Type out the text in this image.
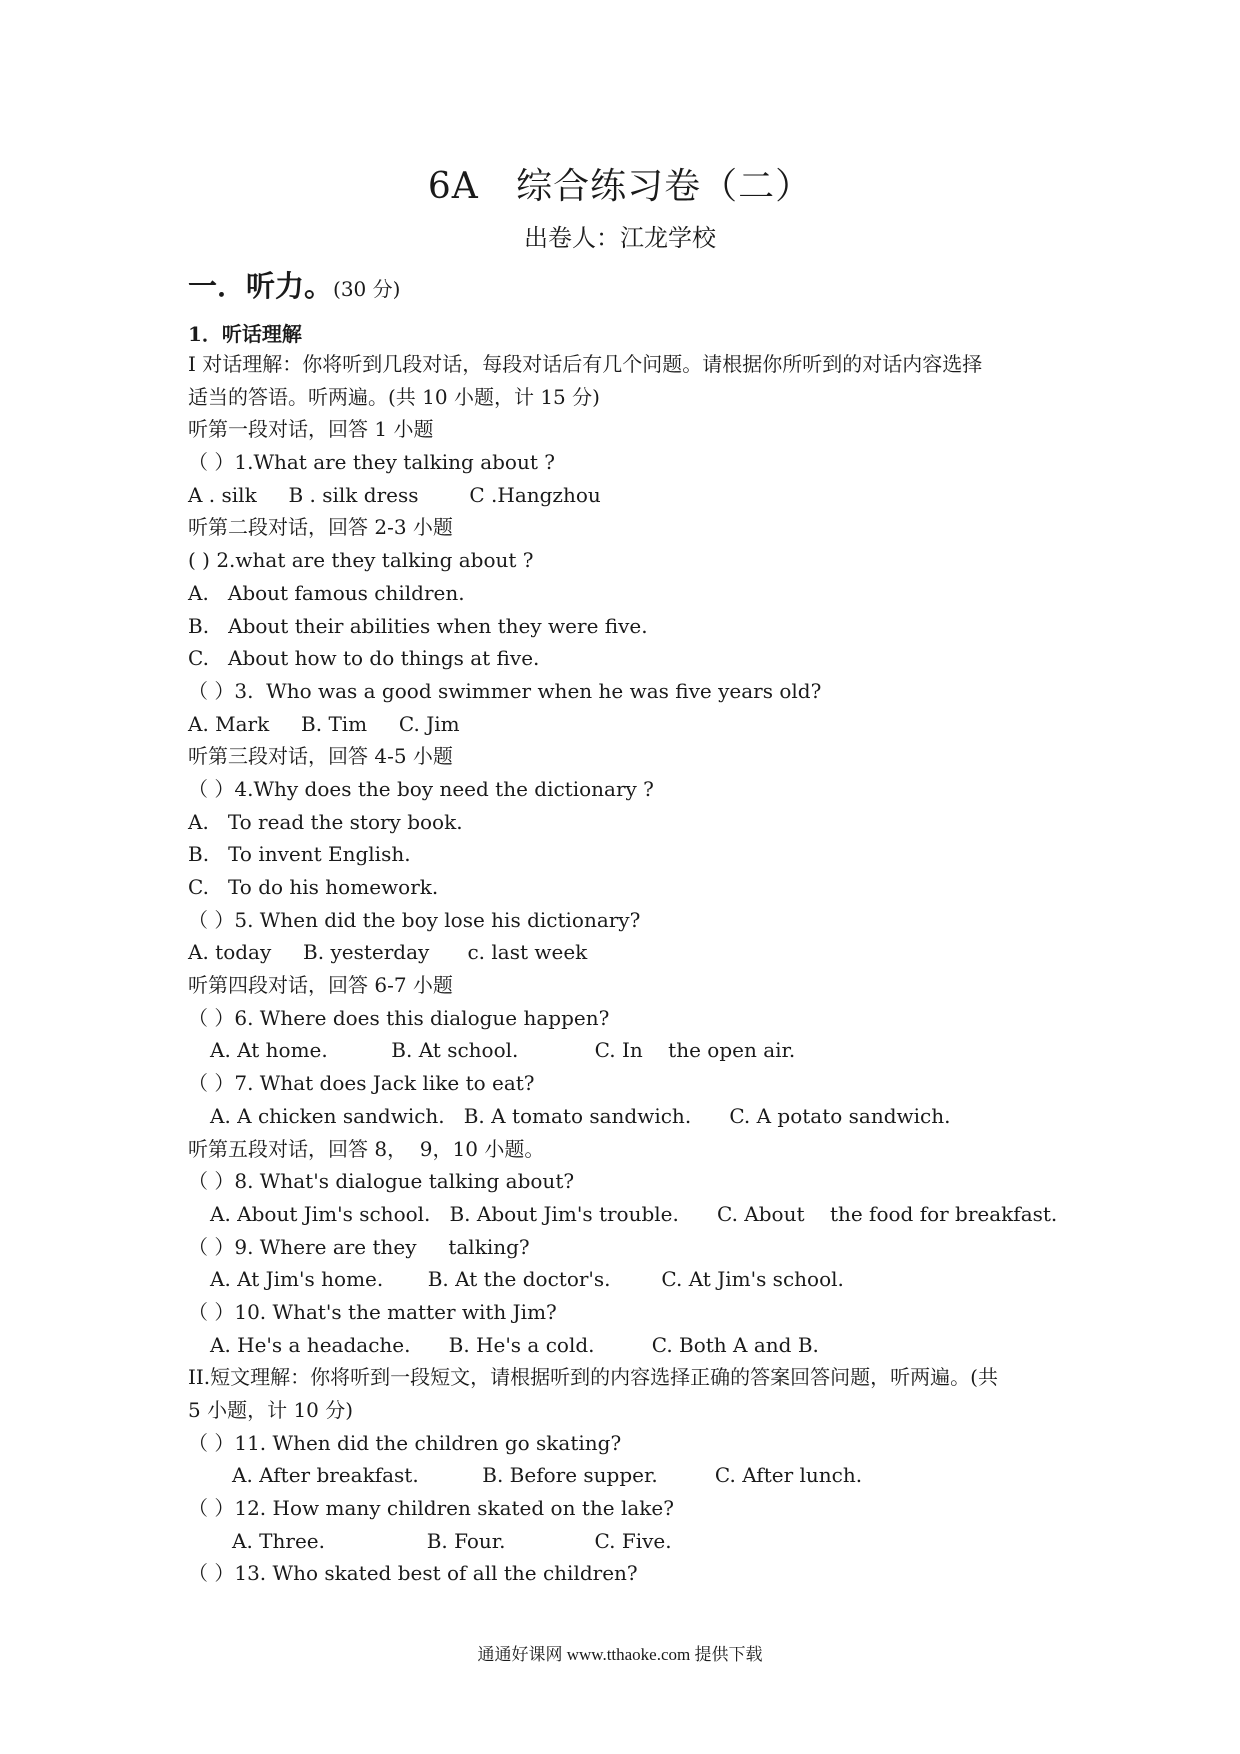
6A   综合练习卷（二）
出卷人：江龙学校
一．听力。(30 分)
1．听话理解
I 对话理解：你将听到几段对话，每段对话后有几个问题。请根据你所听到的对话内容选择
适当的答语。听两遍。(共 10 小题，计 15 分)
听第一段对话，回答 1 小题
（ ）1.What are they talking about ?
A . silk     B . silk dress        C .Hangzhou
听第二段对话，回答 2-3 小题
( ) 2.what are they talking about ?
A.   About famous children.
B.   About their abilities when they were five.
C.   About how to do things at five.
（ ）3.  Who was a good swimmer when he was five years old?
A. Mark     B. Tim     C. Jim
听第三段对话，回答 4-5 小题
（ ）4.Why does the boy need the dictionary ?
A.   To read the story book.
B.   To invent English.
C.   To do his homework.
（ ）5. When did the boy lose his dictionary?
A. today     B. yesterday      c. last week
听第四段对话，回答 6-7 小题
（ ）6. Where does this dialogue happen?
A. At home.          B. At school.            C. In    the open air.
（ ）7. What does Jack like to eat?
A. A chicken sandwich.   B. A tomato sandwich.      C. A potato sandwich.
听第五段对话，回答 8，  9，10 小题。
（ ）8. What's dialogue talking about?
A. About Jim's school.   B. About Jim's trouble.      C. About    the food for breakfast.
（ ）9. Where are they     talking?
A. At Jim's home.       B. At the doctor's.        C. At Jim's school.
（ ）10. What's the matter with Jim?
A. He's a headache.      B. He's a cold.         C. Both A and B.
II.短文理解：你将听到一段短文，请根据听到的内容选择正确的答案回答问题，听两遍。(共
5 小题，计 10 分)
（ ）11. When did the children go skating?
A. After breakfast.          B. Before supper.         C. After lunch.
（ ）12. How many children skated on the lake?
A. Three.                B. Four.              C. Five.
（ ）13. Who skated best of all the children?
通通好课网 www.tthaoke.com 提供下载
